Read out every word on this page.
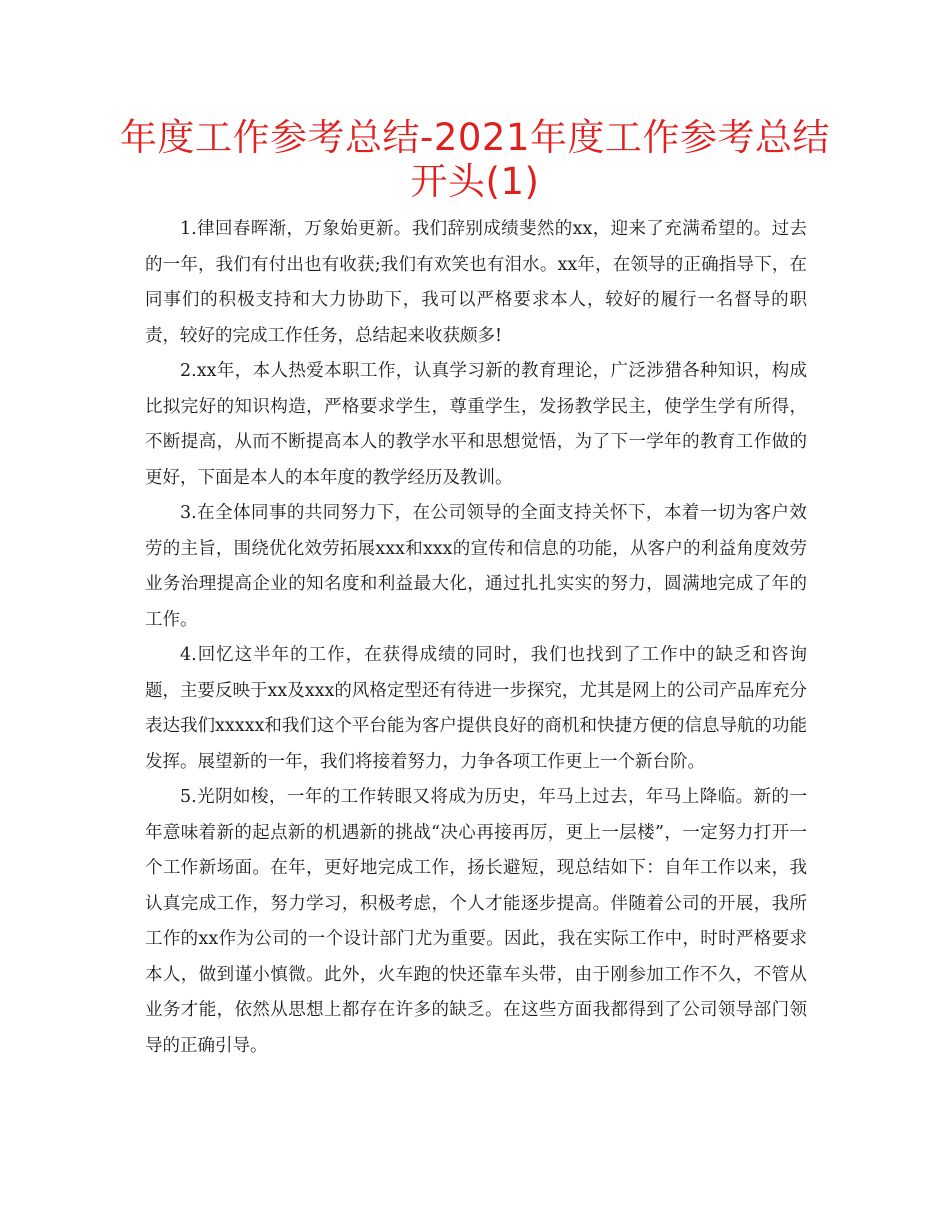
年度工作参考总结-2021年度工作参考总结开头(1)

1.律回春晖渐，万象始更新。我们辞别成绩斐然的xx，迎来了充满希望的。过去的一年，我们有付出也有收获;我们有欢笑也有泪水。xx年，在领导的正确指导下，在同事们的积极支持和大力协助下，我可以严格要求本人，较好的履行一名督导的职责，较好的完成工作任务，总结起来收获颇多!

2.xx年，本人热爱本职工作，认真学习新的教育理论，广泛涉猎各种知识，构成比拟完好的知识构造，严格要求学生，尊重学生，发扬教学民主，使学生学有所得，不断提高，从而不断提高本人的教学水平和思想觉悟，为了下一学年的教育工作做的更好，下面是本人的本年度的教学经历及教训。

3.在全体同事的共同努力下，在公司领导的全面支持关怀下，本着一切为客户效劳的主旨，围绕优化效劳拓展xxx和xxx的宣传和信息的功能，从客户的利益角度效劳业务治理提高企业的知名度和利益最大化，通过扎扎实实的努力，圆满地完成了年的工作。

4.回忆这半年的工作，在获得成绩的同时，我们也找到了工作中的缺乏和咨询题，主要反映于xx及xxx的风格定型还有待进一步探究，尤其是网上的公司产品库充分表达我们xxxxx和我们这个平台能为客户提供良好的商机和快捷方便的信息导航的功能发挥。展望新的一年，我们将接着努力，力争各项工作更上一个新台阶。

5.光阴如梭，一年的工作转眼又将成为历史，年马上过去，年马上降临。新的一年意味着新的起点新的机遇新的挑战“决心再接再厉，更上一层楼”，一定努力打开一个工作新场面。在年，更好地完成工作，扬长避短，现总结如下：自年工作以来，我认真完成工作，努力学习，积极考虑，个人才能逐步提高。伴随着公司的开展，我所工作的xx作为公司的一个设计部门尤为重要。因此，我在实际工作中，时时严格要求本人，做到谨小慎微。此外，火车跑的快还靠车头带，由于刚参加工作不久，不管从业务才能，依然从思想上都存在许多的缺乏。在这些方面我都得到了公司领导部门领导的正确引导。
